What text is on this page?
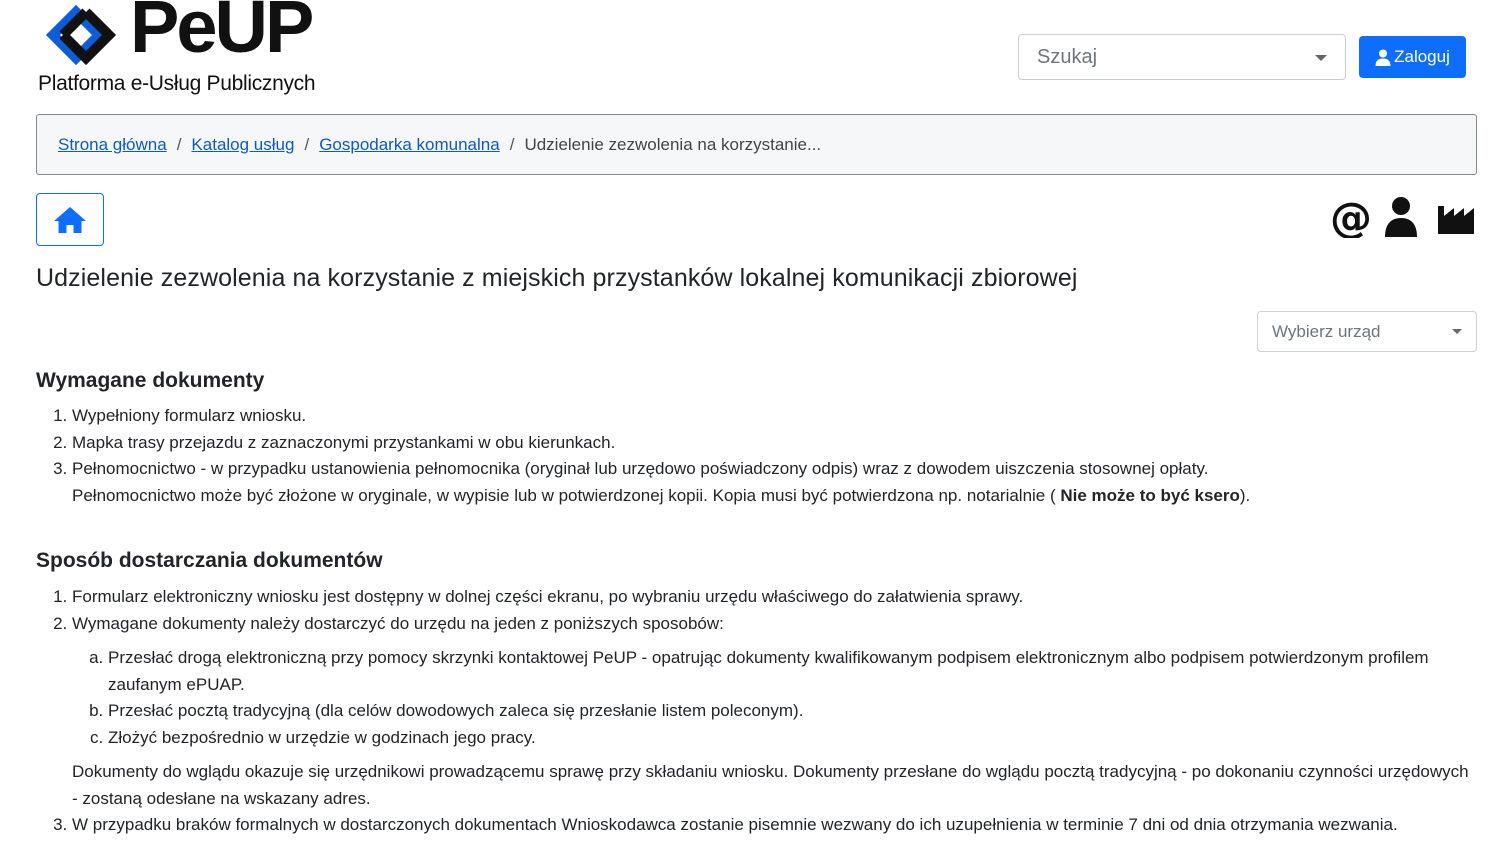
PeUP
Platforma e-Usług Publicznych
Szukaj	Zaloguj
Strona główna / Katalog usług / Gospodarka komunalna / Udzielenie zezwolenia na korzystanie...
@
Udzielenie zezwolenia na korzystanie z miejskich przystanków lokalnej komunikacji zbiorowej
Wybierz urząd
Wymagane dokumenty
1. Wypełniony formularz wniosku.
2. Mapka trasy przejazdu z zaznaczonymi przystankami w obu kierunkach.
3. Pełnomocnictwo - w przypadku ustanowienia pełnomocnika (oryginał lub urzędowo poświadczony odpis) wraz z dowodem uiszczenia stosownej opłaty.
Pełnomocnictwo może być złożone w oryginale, w wypisie lub w potwierdzonej kopii. Kopia musi być potwierdzona np. notarialnie ( Nie może to być ksero).
Sposób dostarczania dokumentów
1. Formularz elektroniczny wniosku jest dostępny w dolnej części ekranu, po wybraniu urzędu właściwego do załatwienia sprawy.
2. Wymagane dokumenty należy dostarczyć do urzędu na jeden z poniższych sposobów:
a. Przesłać drogą elektroniczną przy pomocy skrzynki kontaktowej PeUP - opatrując dokumenty kwalifikowanym podpisem elektronicznym albo podpisem potwierdzonym profilem zaufanym ePUAP.
b. Przesłać pocztą tradycyjną (dla celów dowodowych zaleca się przesłanie listem poleconym).
c. Złożyć bezpośrednio w urzędzie w godzinach jego pracy.

Dokumenty do wglądu okazuje się urzędnikowi prowadzącemu sprawę przy składaniu wniosku. Dokumenty przesłane do wglądu pocztą tradycyjną - po dokonaniu czynności urzędowych - zostaną odesłane na wskazany adres.

3. W przypadku braków formalnych w dostarczonych dokumentach Wnioskodawca zostanie pisemnie wezwany do ich uzupełnienia w terminie 7 dni od dnia otrzymania wezwania.
